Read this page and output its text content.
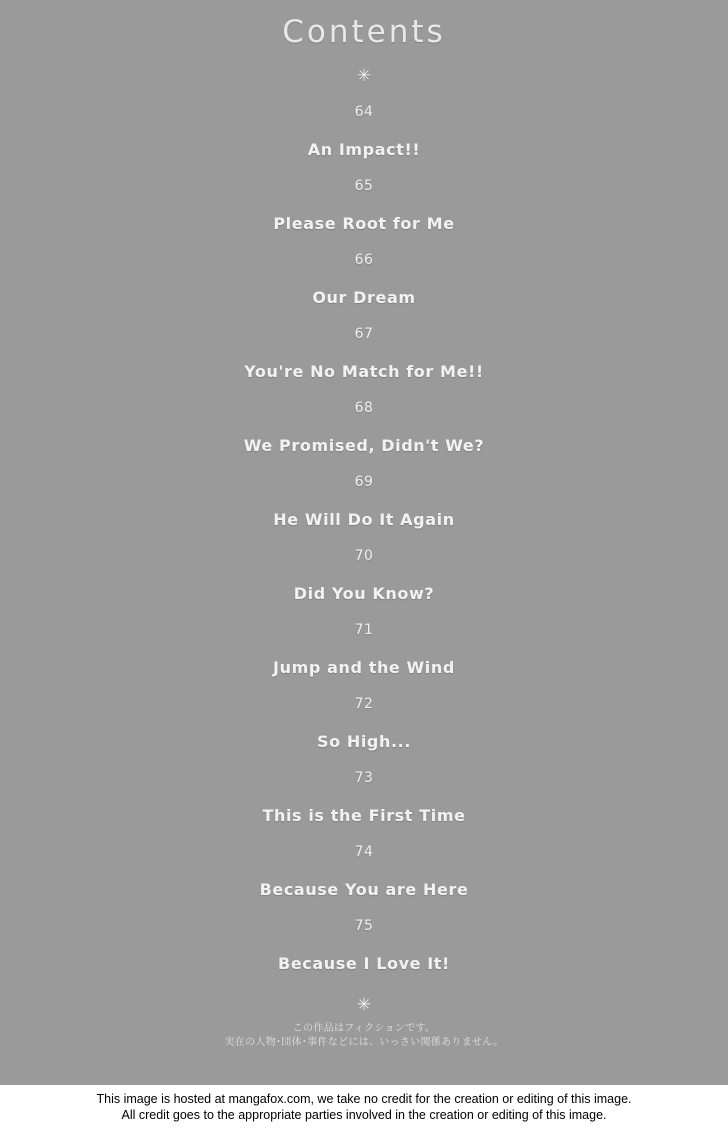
Contents
✳
64
An Impact!!
65
Please Root for Me
66
Our Dream
67
You're No Match for Me!!
68
We Promised, Didn't We?
69
He Will Do It Again
70
Did You Know?
71
Jump and the Wind
72
So High...
73
This is the First Time
74
Because You are Here
75
Because I Love It!
✳
この作品はフィクションです。
実在の人物･団体･事件などには、いっさい関係ありません。
This image is hosted at mangafox.com, we take no credit for the creation or editing of this image.
All credit goes to the appropriate parties involved in the creation or editing of this image.
